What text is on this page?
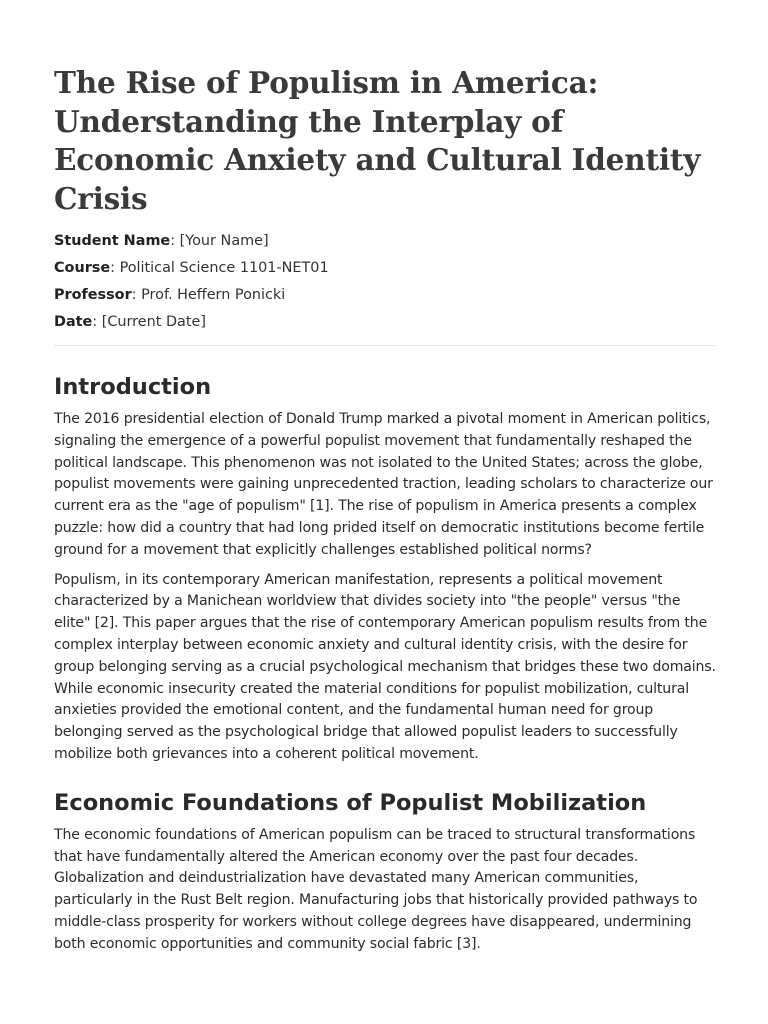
The Rise of Populism in America: Understanding the Interplay of Economic Anxiety and Cultural Identity Crisis
Student Name: [Your Name]
Course: Political Science 1101-NET01
Professor: Prof. Heffern Ponicki
Date: [Current Date]
Introduction

The 2016 presidential election of Donald Trump marked a pivotal moment in American politics, signaling the emergence of a powerful populist movement that fundamentally reshaped the political landscape. This phenomenon was not isolated to the United States; across the globe, populist movements were gaining unprecedented traction, leading scholars to characterize our current era as the "age of populism" [1]. The rise of populism in America presents a complex puzzle: how did a country that had long prided itself on democratic institutions become fertile ground for a movement that explicitly challenges established political norms?

Populism, in its contemporary American manifestation, represents a political movement characterized by a Manichean worldview that divides society into "the people" versus "the elite" [2]. This paper argues that the rise of contemporary American populism results from the complex interplay between economic anxiety and cultural identity crisis, with the desire for group belonging serving as a crucial psychological mechanism that bridges these two domains. While economic insecurity created the material conditions for populist mobilization, cultural anxieties provided the emotional content, and the fundamental human need for group belonging served as the psychological bridge that allowed populist leaders to successfully mobilize both grievances into a coherent political movement.

Economic Foundations of Populist Mobilization

The economic foundations of American populism can be traced to structural transformations that have fundamentally altered the American economy over the past four decades. Globalization and deindustrialization have devastated many American communities, particularly in the Rust Belt region. Manufacturing jobs that historically provided pathways to middle-class prosperity for workers without college degrees have disappeared, undermining both economic opportunities and community social fabric [3].
